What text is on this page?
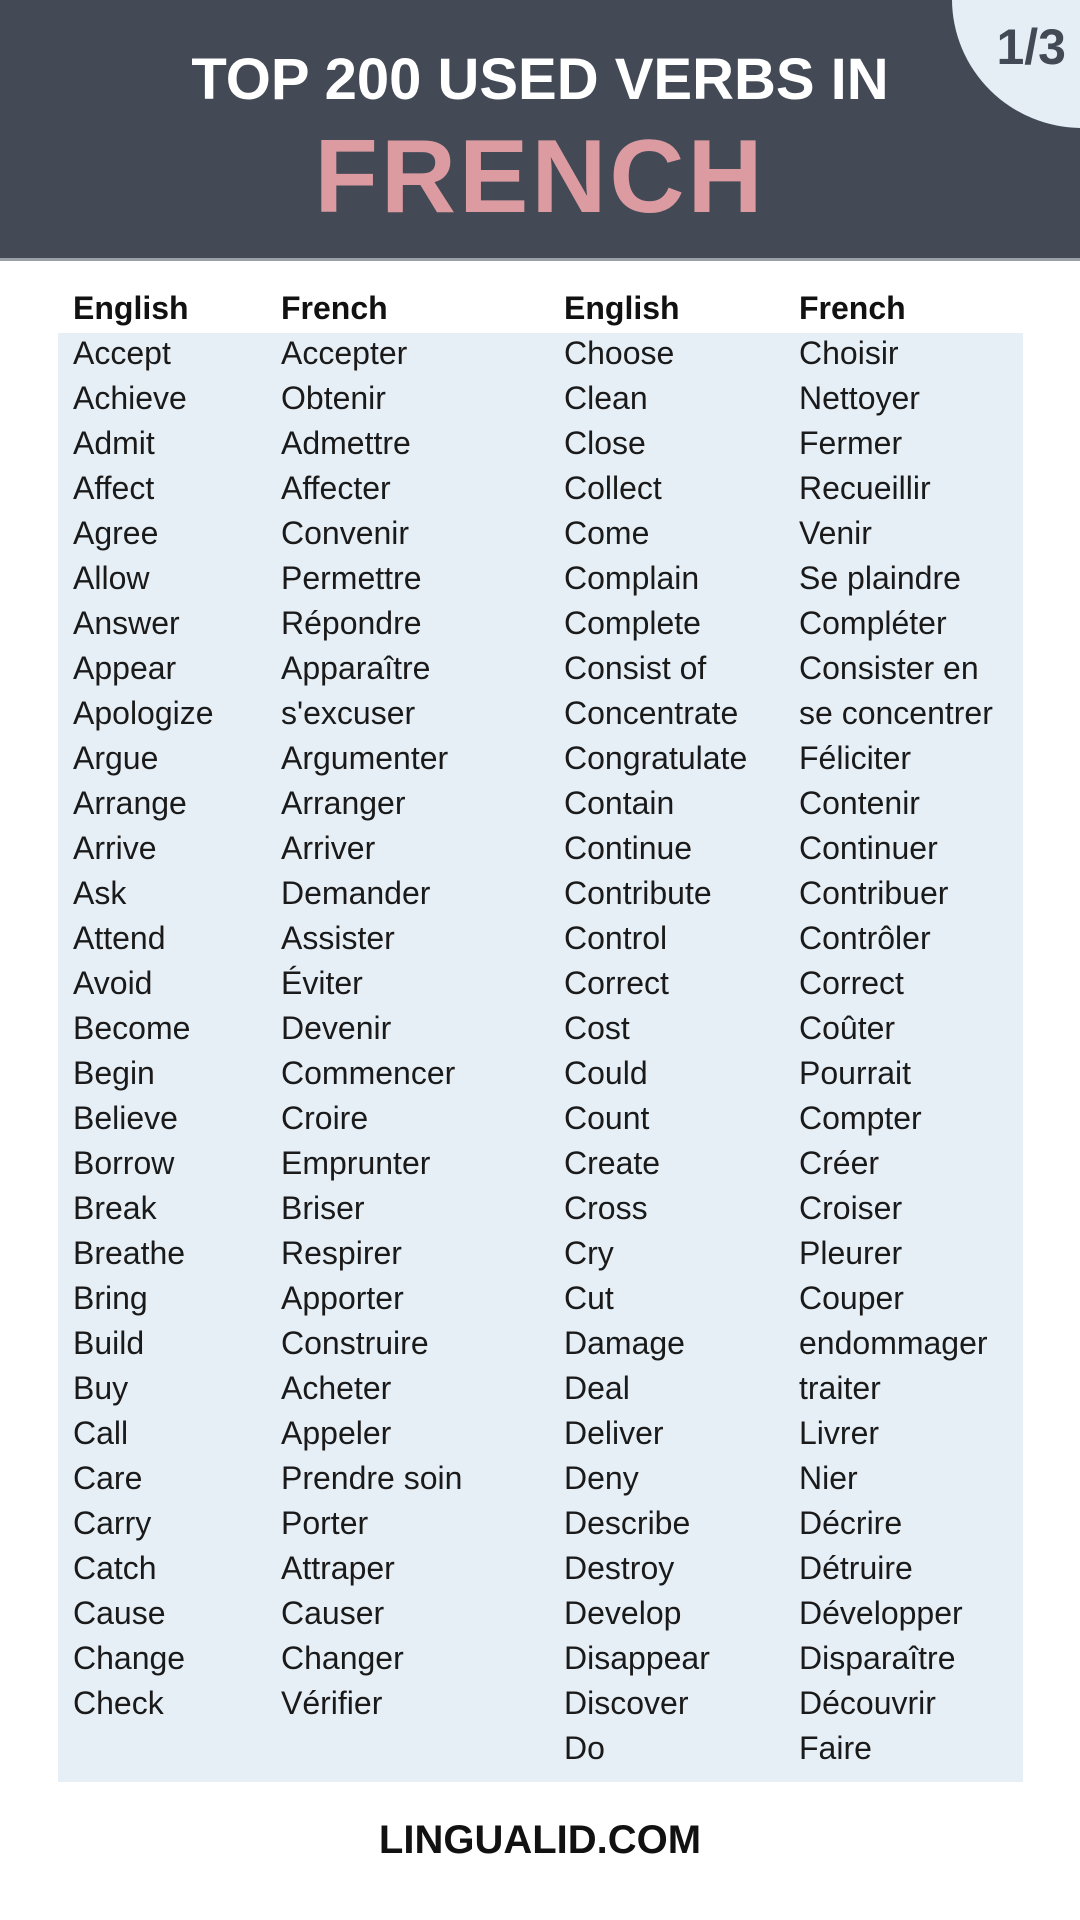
TOP 200 USED VERBS IN
FRENCH
1/3
English
Accept
Achieve
Admit
Affect
Agree
Allow
Answer
Appear
Apologize
Argue
Arrange
Arrive
Ask
Attend
Avoid
Become
Begin
Believe
Borrow
Break
Breathe
Bring
Build
Buy
Call
Care
Carry
Catch
Cause
Change
Check
French
Accepter
Obtenir
Admettre
Affecter
Convenir
Permettre
Répondre
Apparaître
s'excuser
Argumenter
Arranger
Arriver
Demander
Assister
Éviter
Devenir
Commencer
Croire
Emprunter
Briser
Respirer
Apporter
Construire
Acheter
Appeler
Prendre soin
Porter
Attraper
Causer
Changer
Vérifier
English
Choose
Clean
Close
Collect
Come
Complain
Complete
Consist of
Concentrate
Congratulate
Contain
Continue
Contribute
Control
Correct
Cost
Could
Count
Create
Cross
Cry
Cut
Damage
Deal
Deliver
Deny
Describe
Destroy
Develop
Disappear
Discover
Do
French
Choisir
Nettoyer
Fermer
Recueillir
Venir
Se plaindre
Compléter
Consister en
se concentrer
Féliciter
Contenir
Continuer
Contribuer
Contrôler
Correct
Coûter
Pourrait
Compter
Créer
Croiser
Pleurer
Couper
endommager
traiter
Livrer
Nier
Décrire
Détruire
Développer
Disparaître
Découvrir
Faire
LINGUALID.COM
